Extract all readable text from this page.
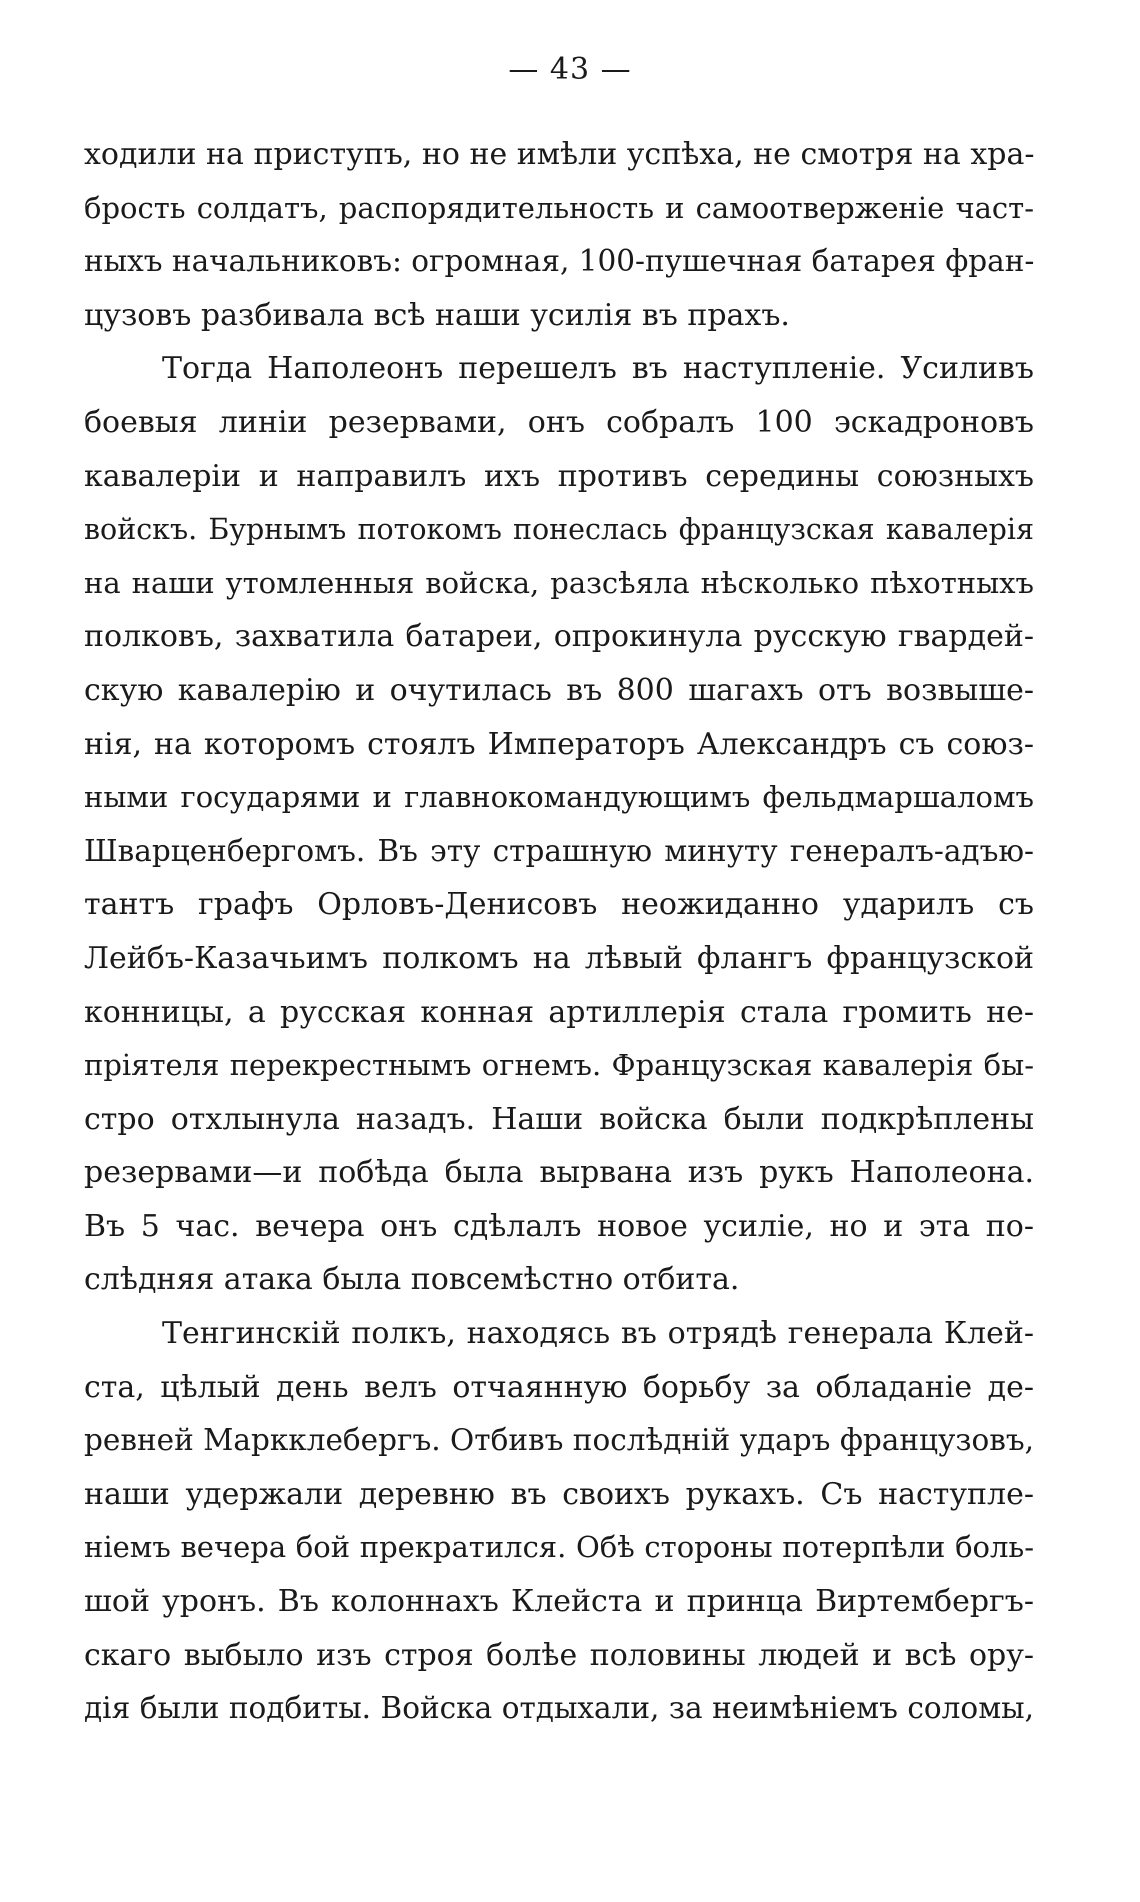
— 43 —
ходили на приступъ, но не имѣли успѣха, не смотря на хра-
брость солдатъ, распорядительность и самоотверженіе част-
ныхъ начальниковъ: огромная, 100-пушечная батарея фран-
цузовъ разбивала всѣ наши усилія въ прахъ.
Тогда Наполеонъ перешелъ въ наступленіе. Усиливъ
боевыя линіи резервами, онъ собралъ 100 эскадроновъ
кавалеріи и направилъ ихъ противъ середины союзныхъ
войскъ. Бурнымъ потокомъ понеслась французская кавалерія
на наши утомленныя войска, разсѣяла нѣсколько пѣхотныхъ
полковъ, захватила батареи, опрокинула русскую гвардей-
скую кавалерію и очутилась въ 800 шагахъ отъ возвыше-
нія, на которомъ стоялъ Императоръ Александръ съ союз-
ными государями и главнокомандующимъ фельдмаршаломъ
Шварценбергомъ. Въ эту страшную минуту генералъ-адъю-
тантъ графъ Орловъ-Денисовъ неожиданно ударилъ съ
Лейбъ-Казачьимъ полкомъ на лѣвый флангъ французской
конницы, а русская конная артиллерія стала громить не-
пріятеля перекрестнымъ огнемъ. Французская кавалерія бы-
стро отхлынула назадъ. Наши войска были подкрѣплены
резервами—и побѣда была вырвана изъ рукъ Наполеона.
Въ 5 час. вечера онъ сдѣлалъ новое усиліе, но и эта по-
слѣдняя атака была повсемѣстно отбита.
Тенгинскій полкъ, находясь въ отрядѣ генерала Клей-
ста, цѣлый день велъ отчаянную борьбу за обладаніе де-
ревней Маркклебергъ. Отбивъ послѣдній ударъ французовъ,
наши удержали деревню въ своихъ рукахъ. Съ наступле-
ніемъ вечера бой прекратился. Обѣ стороны потерпѣли боль-
шой уронъ. Въ колоннахъ Клейста и принца Виртембергъ-
скаго выбыло изъ строя болѣе половины людей и всѣ ору-
дія были подбиты. Войска отдыхали, за неимѣніемъ соломы,
